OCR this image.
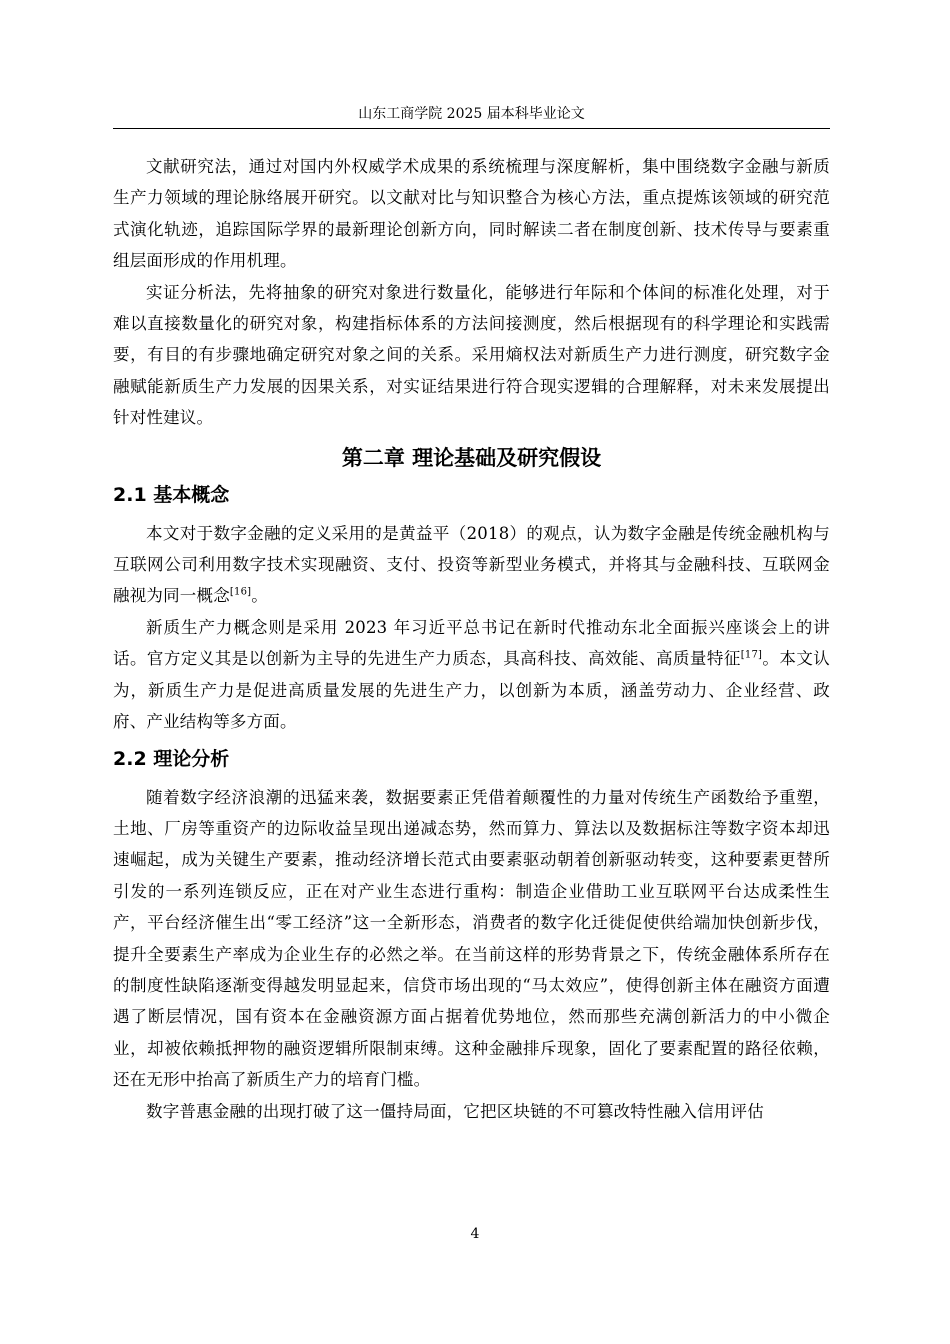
山东工商学院 2025 届本科毕业论文

文献研究法，通过对国内外权威学术成果的系统梳理与深度解析，集中围绕数字金融与新质生产力领域的理论脉络展开研究。以文献对比与知识整合为核心方法，重点提炼该领域的研究范式演化轨迹，追踪国际学界的最新理论创新方向，同时解读二者在制度创新、技术传导与要素重组层面形成的作用机理。

实证分析法，先将抽象的研究对象进行数量化，能够进行年际和个体间的标准化处理，对于难以直接数量化的研究对象，构建指标体系的方法间接测度，然后根据现有的科学理论和实践需要，有目的有步骤地确定研究对象之间的关系。采用熵权法对新质生产力进行测度，研究数字金融赋能新质生产力发展的因果关系，对实证结果进行符合现实逻辑的合理解释，对未来发展提出针对性建议。

第二章 理论基础及研究假设
2.1 基本概念

本文对于数字金融的定义采用的是黄益平（2018）的观点，认为数字金融是传统金融机构与互联网公司利用数字技术实现融资、支付、投资等新型业务模式，并将其与金融科技、互联网金融视为同一概念[16]。

新质生产力概念则是采用 2023 年习近平总书记在新时代推动东北全面振兴座谈会上的讲话。官方定义其是以创新为主导的先进生产力质态，具高科技、高效能、高质量特征[17]。本文认为，新质生产力是促进高质量发展的先进生产力，以创新为本质，涵盖劳动力、企业经营、政府、产业结构等多方面。

2.2 理论分析

随着数字经济浪潮的迅猛来袭，数据要素正凭借着颠覆性的力量对传统生产函数给予重塑，土地、厂房等重资产的边际收益呈现出递减态势，然而算力、算法以及数据标注等数字资本却迅速崛起，成为关键生产要素，推动经济增长范式由要素驱动朝着创新驱动转变，这种要素更替所引发的一系列连锁反应，正在对产业生态进行重构：制造企业借助工业互联网平台达成柔性生产，平台经济催生出“零工经济”这一全新形态，消费者的数字化迁徙促使供给端加快创新步伐，提升全要素生产率成为企业生存的必然之举。在当前这样的形势背景之下，传统金融体系所存在的制度性缺陷逐渐变得越发明显起来，信贷市场出现的“马太效应”，使得创新主体在融资方面遭遇了断层情况，国有资本在金融资源方面占据着优势地位，然而那些充满创新活力的中小微企业，却被依赖抵押物的融资逻辑所限制束缚。这种金融排斥现象，固化了要素配置的路径依赖，还在无形中抬高了新质生产力的培育门槛。

数字普惠金融的出现打破了这一僵持局面，它把区块链的不可篡改特性融入信用评估

4
